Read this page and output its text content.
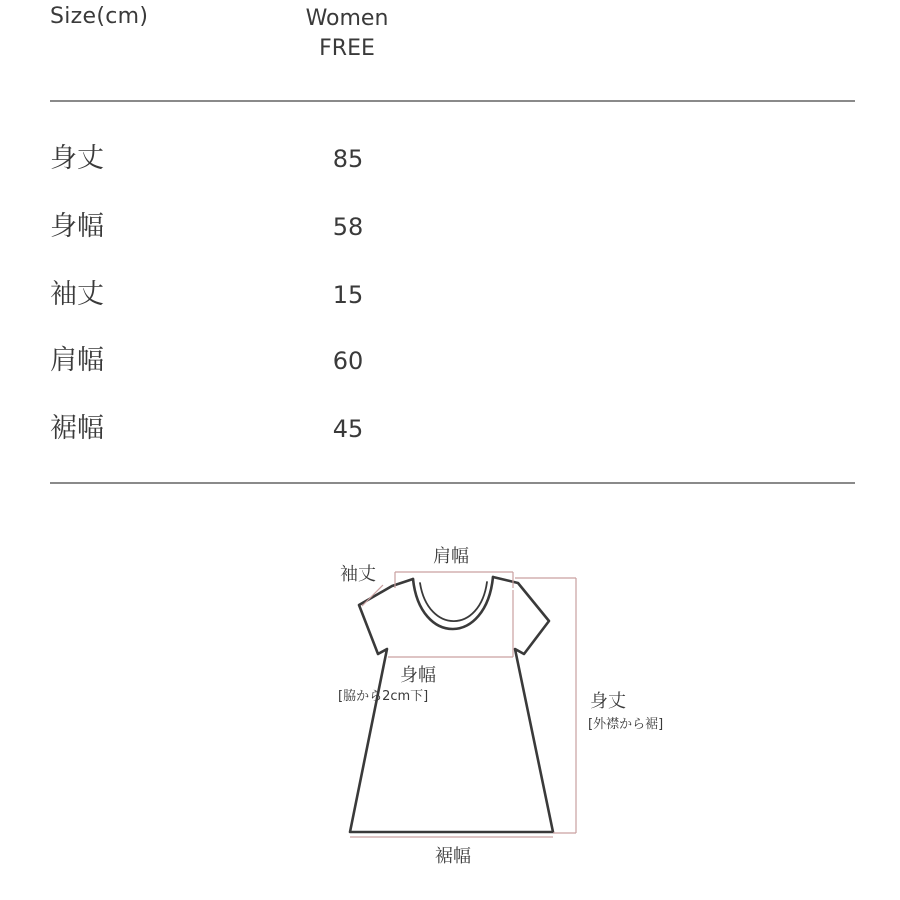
Size(cm)	Women
FREE
身丈	85
身幅	58
袖丈	15
肩幅	60
裾幅	45
袖丈
肩幅
身幅
[脇から2cm下]	身丈
[外襟から裾]
裾幅
